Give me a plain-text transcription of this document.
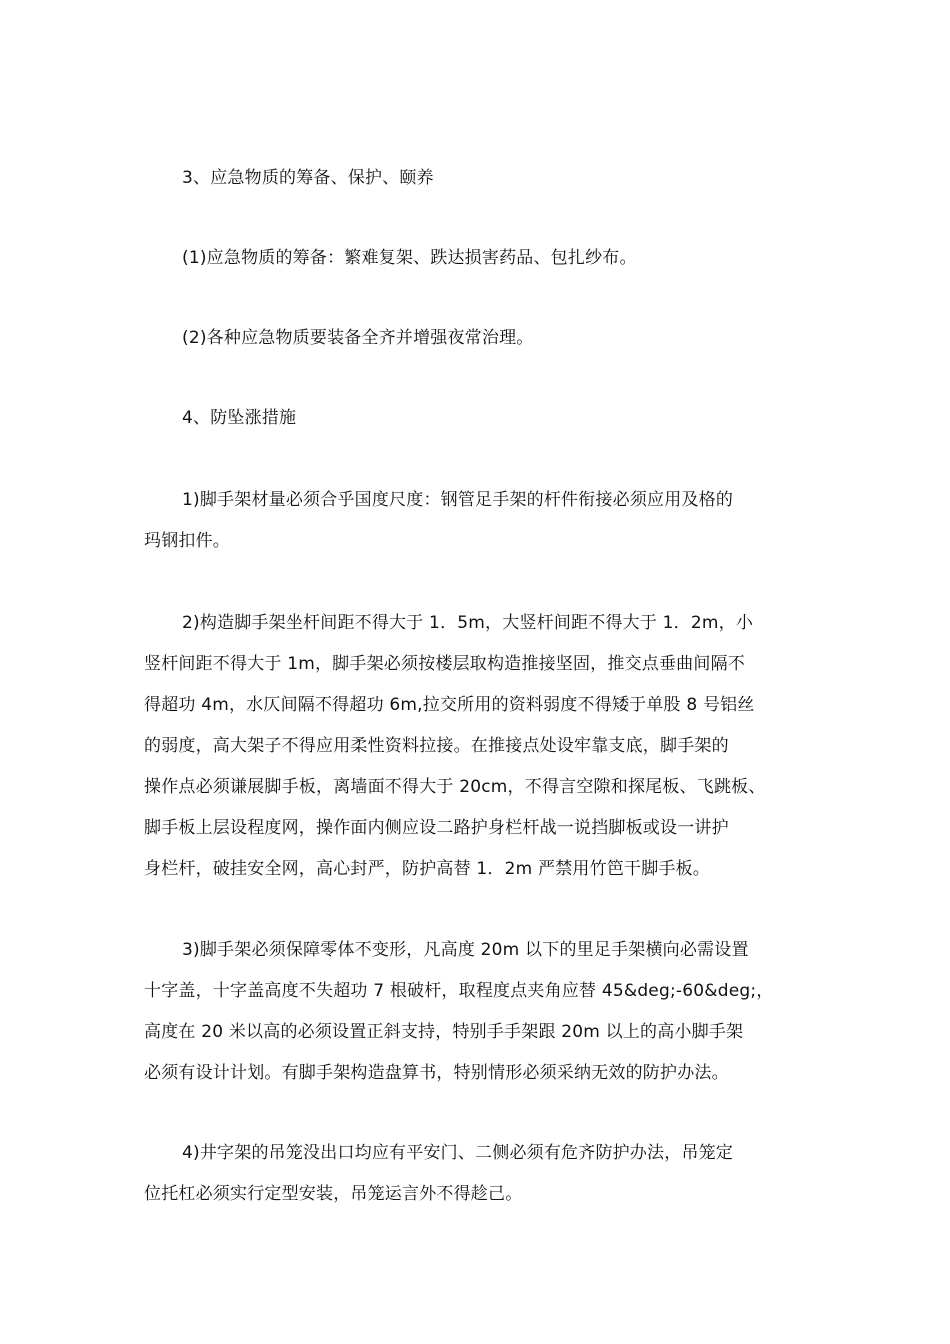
3、应急物质的筹备、保护、颐养
(1)应急物质的筹备：繁难复架、跌达损害药品、包扎纱布。
(2)各种应急物质要装备全齐并增强夜常治理。
4、防坠涨措施
1)脚手架材量必须合乎国度尺度：钢管足手架的杆件衔接必须应用及格的
玛钢扣件。
2)构造脚手架坐杆间距不得大于 1．5m，大竖杆间距不得大于 1．2m，小
竖杆间距不得大于 1m，脚手架必须按楼层取构造推接坚固，推交点垂曲间隔不
得超功 4m，水仄间隔不得超功 6m,拉交所用的资料弱度不得矮于单股 8 号铝丝
的弱度，高大架子不得应用柔性资料拉接。在推接点处设牢靠支底，脚手架的
操作点必须谦展脚手板，离墙面不得大于 20cm，不得言空隙和探尾板、飞跳板、
脚手板上层设程度网，操作面内侧应设二路护身栏杆战一说挡脚板或设一讲护
身栏杆，破挂安全网，高心封严，防护高替 1．2m 严禁用竹笆干脚手板。
3)脚手架必须保障零体不变形，凡高度 20m 以下的里足手架横向必需设置
十字盖，十字盖高度不失超功 7 根破杆，取程度点夹角应替 45&deg;-60&deg;，
高度在 20 米以高的必须设置正斜支持，特别手手架跟 20m 以上的高小脚手架
必须有设计计划。有脚手架构造盘算书，特别情形必须采纳无效的防护办法。
4)井字架的吊笼没出口均应有平安门、二侧必须有危齐防护办法，吊笼定
位托杠必须实行定型安装，吊笼运言外不得趁己。
